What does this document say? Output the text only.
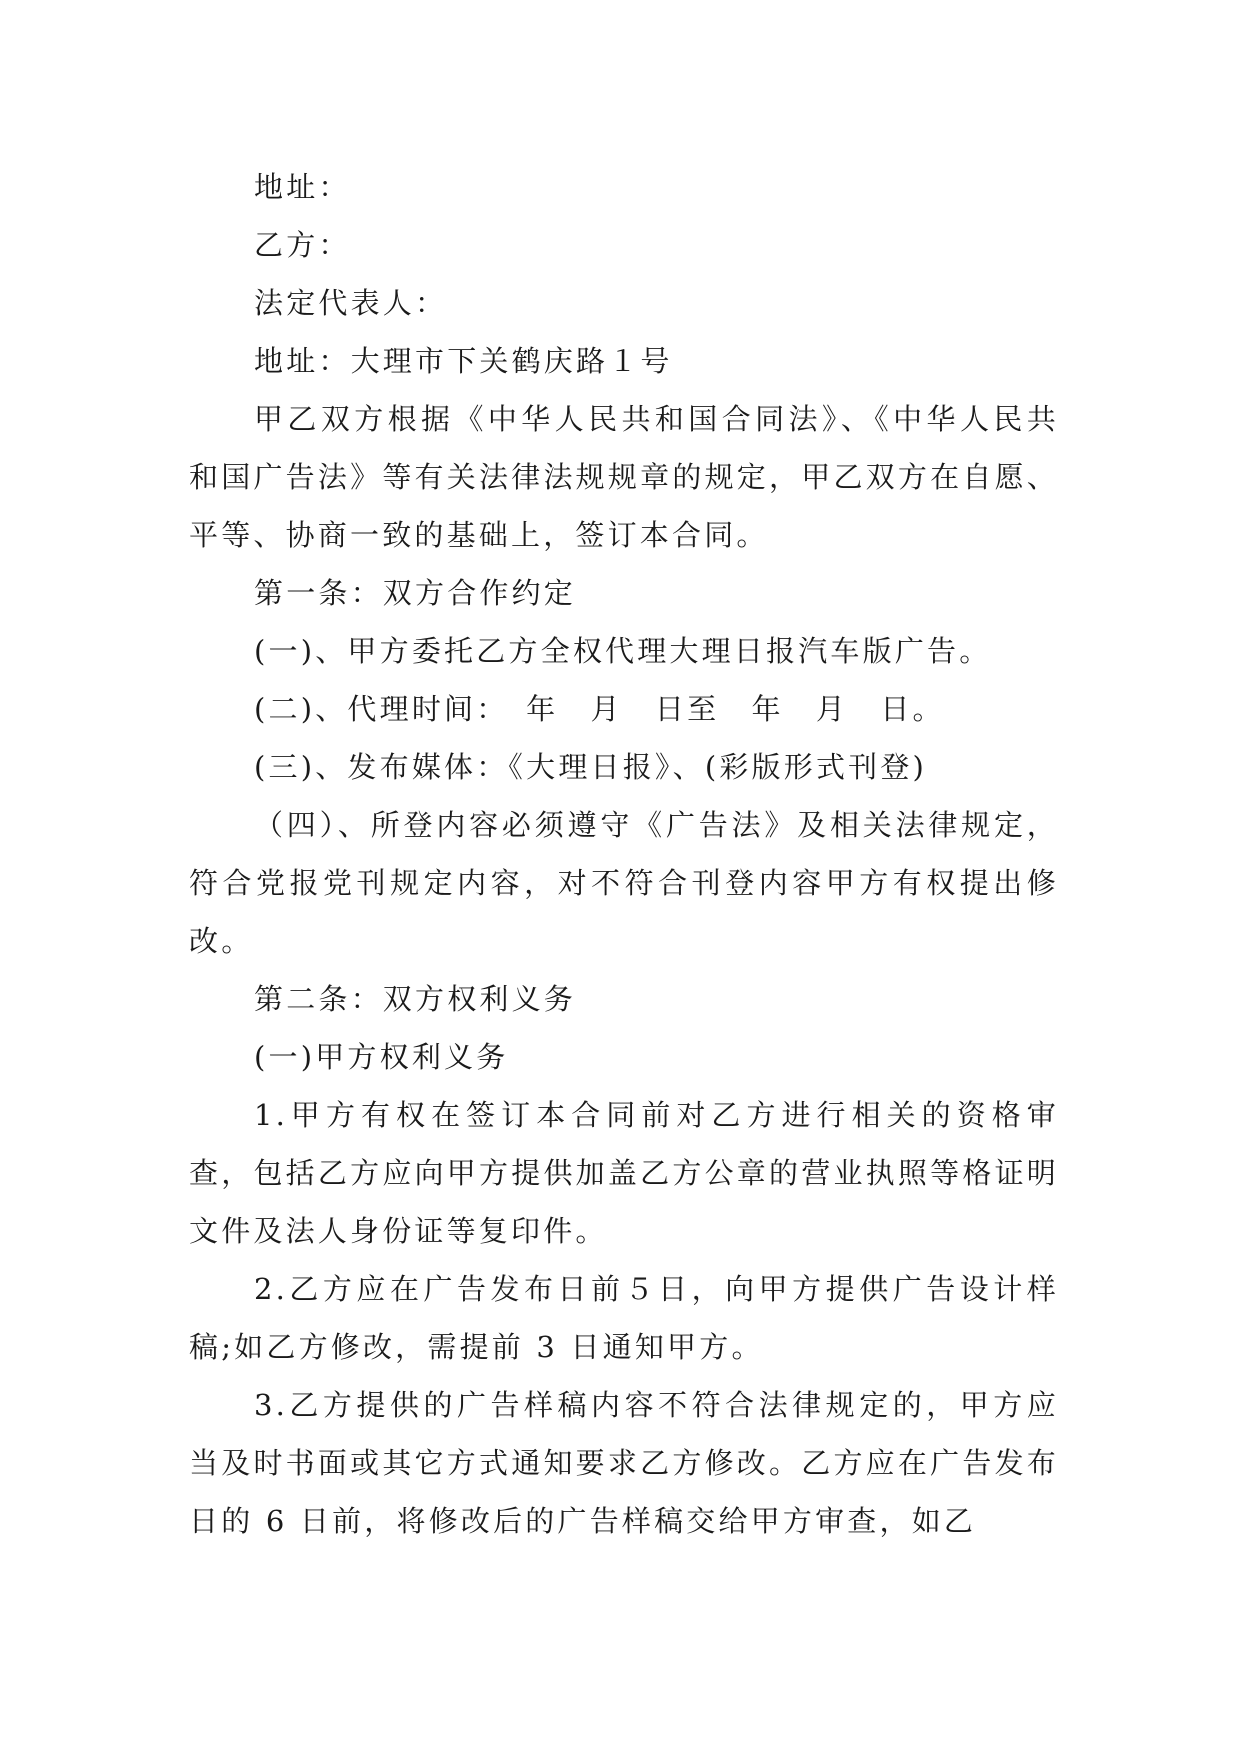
地址：

乙方：

法定代表人：

地址：大理市下关鹤庆路１号

甲乙双方根据《中华人民共和国合同法》、《中华人民共和国广告法》等有关法律法规规章的规定，甲乙双方在自愿、平等、协商一致的基础上，签订本合同。

第一条：双方合作约定

(一)、甲方委托乙方全权代理大理日报汽车版广告。

(二)、代理时间：　年　月　日至　年　月　日。

(三)、发布媒体：《大理日报》、(彩版形式刊登)

（四）、所登内容必须遵守《广告法》及相关法律规定，符合党报党刊规定内容，对不符合刊登内容甲方有权提出修改。

第二条：双方权利义务

(一)甲方权利义务

1.甲方有权在签订本合同前对乙方进行相关的资格审查，包括乙方应向甲方提供加盖乙方公章的营业执照等格证明文件及法人身份证等复印件。

2.乙方应在广告发布日前５日，向甲方提供广告设计样稿;如乙方修改，需提前 3 日通知甲方。

3.乙方提供的广告样稿内容不符合法律规定的，甲方应当及时书面或其它方式通知要求乙方修改。乙方应在广告发布日的 6 日前，将修改后的广告样稿交给甲方审查，如乙
